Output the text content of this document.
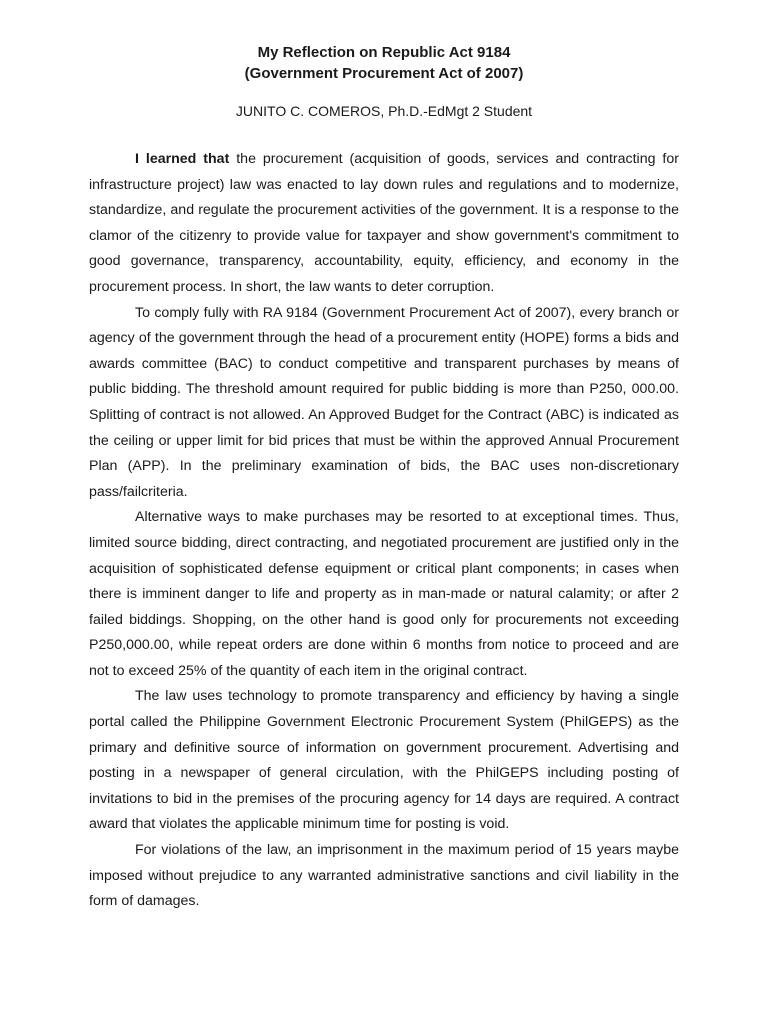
My Reflection on Republic Act 9184
(Government Procurement Act of 2007)

JUNITO C. COMEROS, Ph.D.-EdMgt 2 Student

I learned that the procurement (acquisition of goods, services and contracting for infrastructure project) law was enacted to lay down rules and regulations and to modernize, standardize, and regulate the procurement activities of the government. It is a response to the clamor of the citizenry to provide value for taxpayer and show government's commitment to good governance, transparency, accountability, equity, efficiency, and economy in the procurement process. In short, the law wants to deter corruption.

To comply fully with RA 9184 (Government Procurement Act of 2007), every branch or agency of the government through the head of a procurement entity (HOPE) forms a bids and awards committee (BAC) to conduct competitive and transparent purchases by means of public bidding. The threshold amount required for public bidding is more than P250, 000.00. Splitting of contract is not allowed. An Approved Budget for the Contract (ABC) is indicated as the ceiling or upper limit for bid prices that must be within the approved Annual Procurement Plan (APP). In the preliminary examination of bids, the BAC uses non-discretionary pass/failcriteria.

Alternative ways to make purchases may be resorted to at exceptional times. Thus, limited source bidding, direct contracting, and negotiated procurement are justified only in the acquisition of sophisticated defense equipment or critical plant components; in cases when there is imminent danger to life and property as in man-made or natural calamity; or after 2 failed biddings. Shopping, on the other hand is good only for procurements not exceeding P250,000.00, while repeat orders are done within 6 months from notice to proceed and are not to exceed 25% of the quantity of each item in the original contract.

The law uses technology to promote transparency and efficiency by having a single portal called the Philippine Government Electronic Procurement System (PhilGEPS) as the primary and definitive source of information on government procurement. Advertising and posting in a newspaper of general circulation, with the PhilGEPS including posting of invitations to bid in the premises of the procuring agency for 14 days are required. A contract award that violates the applicable minimum time for posting is void.

For violations of the law, an imprisonment in the maximum period of 15 years maybe imposed without prejudice to any warranted administrative sanctions and civil liability in the form of damages.
